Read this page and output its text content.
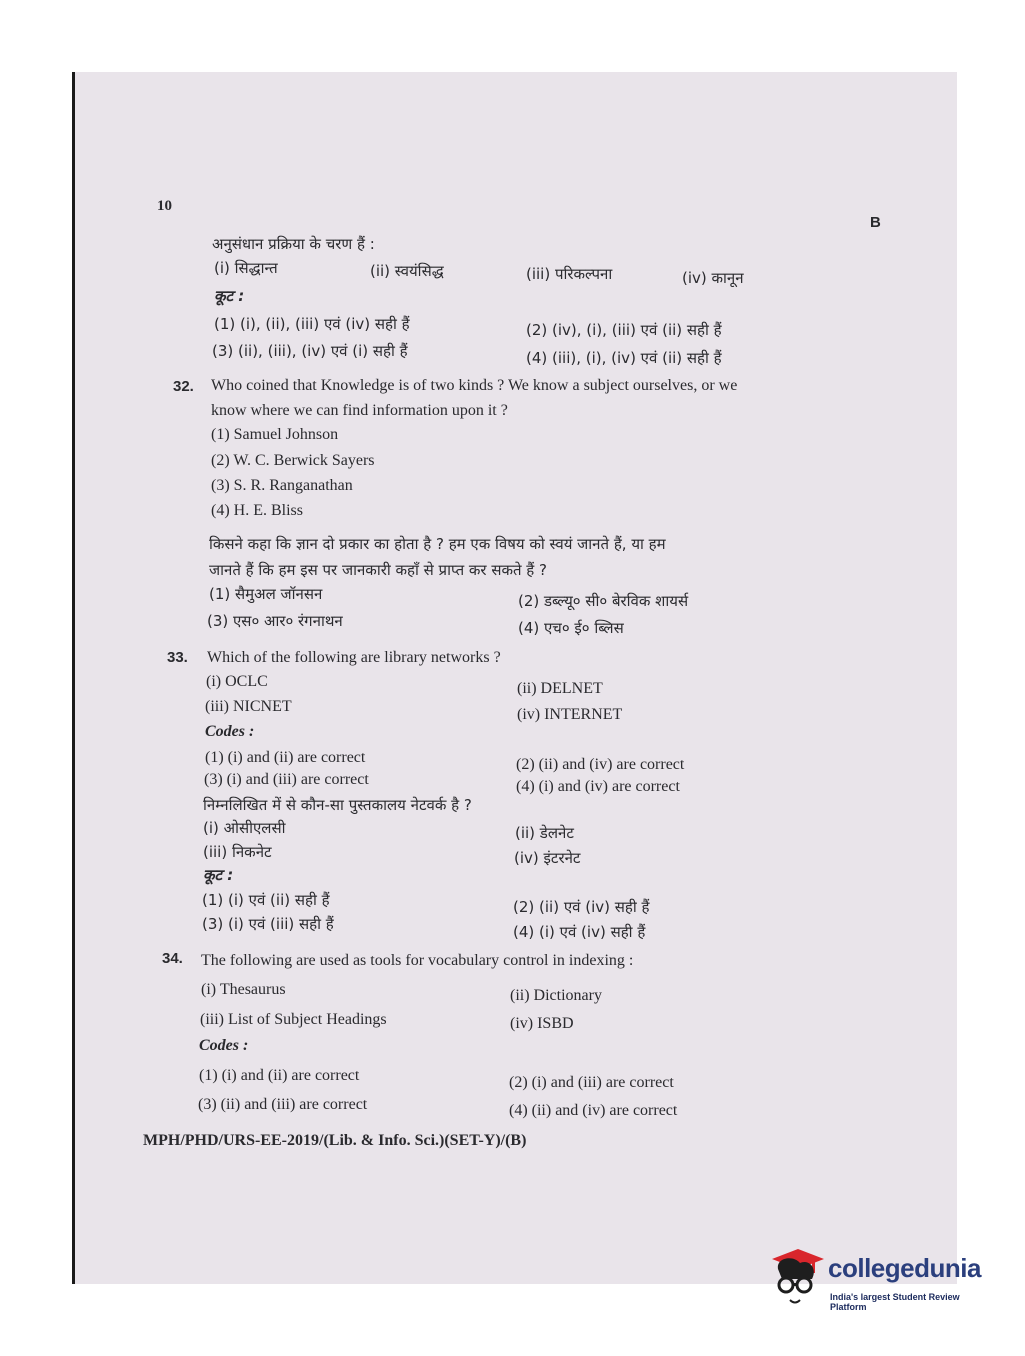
10
B
अनुसंधान प्रक्रिया के चरण हैं :
(i) सिद्धान्त	(ii) स्वयंसिद्ध	(iii) परिकल्पना	(iv) कानून
कूट :
(1) (i), (ii), (iii) एवं (iv) सही हैं	(2) (iv), (i), (iii) एवं (ii) सही हैं
(3) (ii), (iii), (iv) एवं (i) सही हैं	(4) (iii), (i), (iv) एवं (ii) सही हैं
32. Who coined that Knowledge is of two kinds ? We know a subject ourselves, or we
know where we can find information upon it ?
(1) Samuel Johnson
(2) W. C. Berwick Sayers
(3) S. R. Ranganathan
(4) H. E. Bliss
किसने कहा कि ज्ञान दो प्रकार का होता है ? हम एक विषय को स्वयं जानते हैं, या हम
जानते हैं कि हम इस पर जानकारी कहाँ से प्राप्त कर सकते हैं ?
(1) सैमुअल जॉनसन	(2) डब्ल्यू० सी० बेरविक शायर्स
(3) एस० आर० रंगनाथन	(4) एच० ई० ब्लिस
33. Which of the following are library networks ?
(i) OCLC	(ii) DELNET
(iii) NICNET	(iv) INTERNET
Codes :
(1) (i) and (ii) are correct	(2) (ii) and (iv) are correct
(3) (i) and (iii) are correct	(4) (i) and (iv) are correct
निम्नलिखित में से कौन-सा पुस्तकालय नेटवर्क है ?
(i) ओसीएलसी	(ii) डेलनेट
(iii) निकनेट	(iv) इंटरनेट
कूट :
(1) (i) एवं (ii) सही हैं	(2) (ii) एवं (iv) सही हैं
(3) (i) एवं (iii) सही हैं	(4) (i) एवं (iv) सही हैं
34. The following are used as tools for vocabulary control in indexing :
(i) Thesaurus	(ii) Dictionary
(iii) List of Subject Headings	(iv) ISBD
Codes :
(1) (i) and (ii) are correct	(2) (i) and (iii) are correct
(3) (ii) and (iii) are correct	(4) (ii) and (iv) are correct
MPH/PHD/URS-EE-2019/(Lib. & Info. Sci.)(SET-Y)/(B)
collegedunia
India's largest Student Review Platform
